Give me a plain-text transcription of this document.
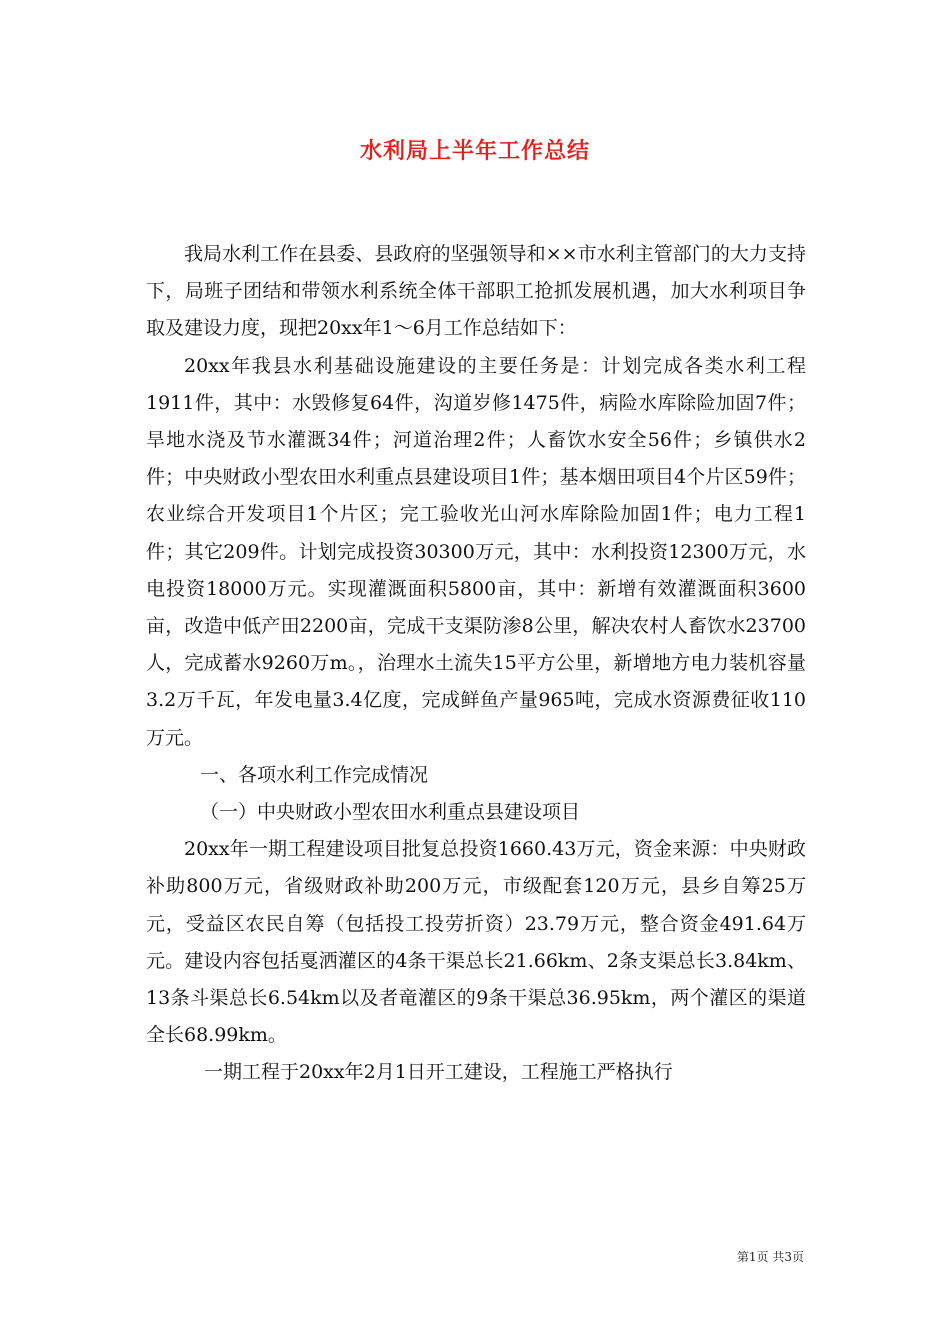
水利局上半年工作总结

我局水利工作在县委、县政府的坚强领导和××市水利主管部门的大力支持下，局班子团结和带领水利系统全体干部职工抢抓发展机遇，加大水利项目争取及建设力度，现把20xx年1～6月工作总结如下：

20xx年我县水利基础设施建设的主要任务是：计划完成各类水利工程1911件，其中：水毁修复64件，沟道岁修1475件，病险水库除险加固7件；旱地水浇及节水灌溉34件；河道治理2件；人畜饮水安全56件；乡镇供水2件；中央财政小型农田水利重点县建设项目1件；基本烟田项目4个片区59件；农业综合开发项目1个片区；完工验收光山河水库除险加固1件；电力工程1件；其它209件。计划完成投资30300万元，其中：水利投资12300万元，水电投资18000万元。实现灌溉面积5800亩，其中：新增有效灌溉面积3600亩，改造中低产田2200亩，完成干支渠防渗8公里，解决农村人畜饮水23700人，完成蓄水9260万m。，治理水土流失15平方公里，新增地方电力装机容量3.2万千瓦，年发电量3.4亿度，完成鲜鱼产量965吨，完成水资源费征收110万元。

一、各项水利工作完成情况

（一）中央财政小型农田水利重点县建设项目

20xx年一期工程建设项目批复总投资1660.43万元，资金来源：中央财政补助800万元，省级财政补助200万元，市级配套120万元，县乡自筹25万元，受益区农民自筹（包括投工投劳折资）23.79万元，整合资金491.64万元。建设内容包括戛洒灌区的4条干渠总长21.66km、2条支渠总长3.84km、13条斗渠总长6.54km以及者竜灌区的9条干渠总36.95km，两个灌区的渠道全长68.99km。

一期工程于20xx年2月1日开工建设，工程施工严格执行

第1页 共3页
